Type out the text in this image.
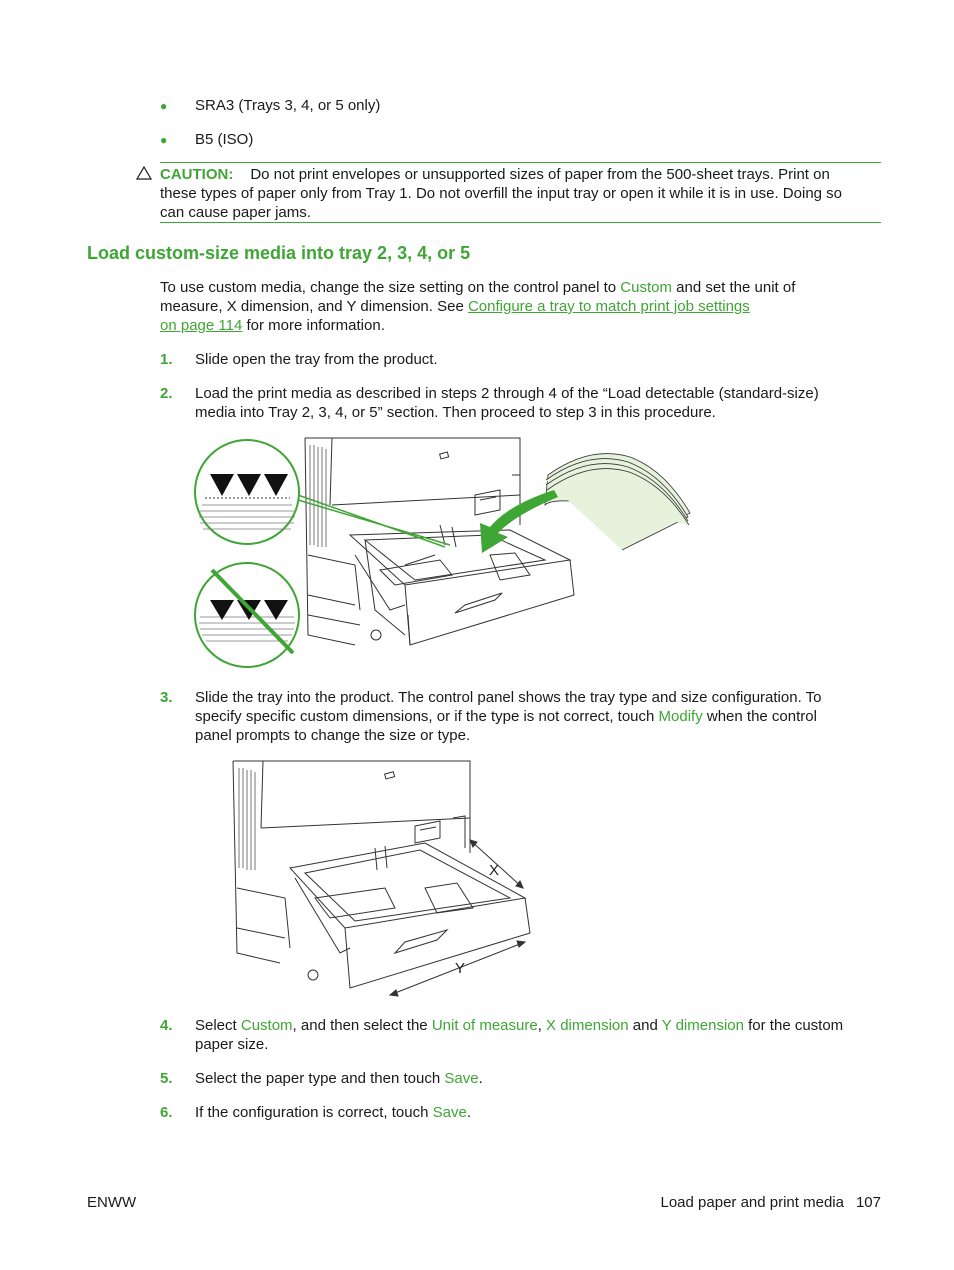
● SRA3 (Trays 3, 4, or 5 only)
● B5 (ISO)
CAUTION: Do not print envelopes or unsupported sizes of paper from the 500-sheet trays. Print on
these types of paper only from Tray 1. Do not overfill the input tray or open it while it is in use. Doing so
can cause paper jams.
Load custom-size media into tray 2, 3, 4, or 5
To use custom media, change the size setting on the control panel to Custom and set the unit of
measure, X dimension, and Y dimension. See Configure a tray to match print job settings
on page 114 for more information.
1. Slide open the tray from the product.
2. Load the print media as described in steps 2 through 4 of the “Load detectable (standard-size)
media into Tray 2, 3, 4, or 5” section. Then proceed to step 3 in this procedure.
3. Slide the tray into the product. The control panel shows the tray type and size configuration. To
specify specific custom dimensions, or if the type is not correct, touch Modify when the control
panel prompts to change the size or type.
X
Y
4. Select Custom, and then select the Unit of measure, X dimension and Y dimension for the custom
paper size.
5. Select the paper type and then touch Save.
6. If the configuration is correct, touch Save.
ENWW	Load paper and print media 107
